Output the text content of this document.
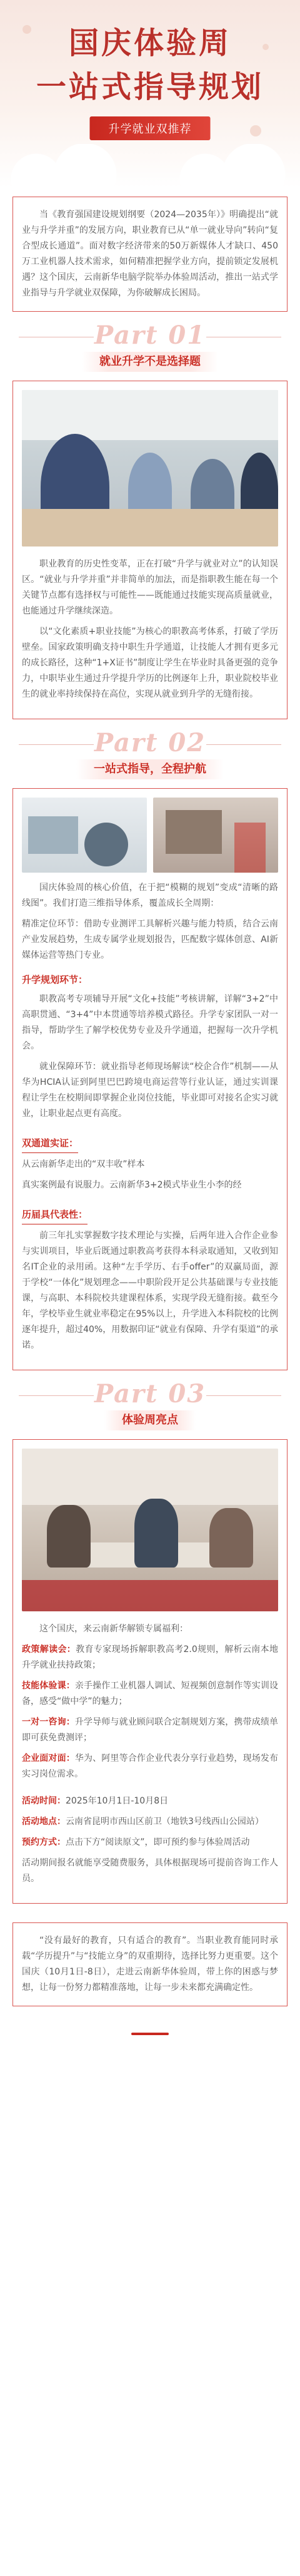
国庆体验周
一站式指导规划
升学就业双推荐

当《教育强国建设规划纲要（2024—2035年）》明确提出“就业与升学并重”的发展方向，职业教育已从“单一就业导向”转向“复合型成长通道”。面对数字经济带来的50万新媒体人才缺口、450万工业机器人技术需求，如何精准把握学业方向，提前锁定发展机遇？这个国庆，云南新华电脑学院举办体验周活动，推出一站式学业指导与升学就业双保障，为你破解成长困局。

Part 01
就业升学不是选择题

职业教育的历史性变革，正在打破“升学与就业对立”的认知误区。“就业与升学并重”并非简单的加法，而是指职教生能在每一个关键节点都有选择权与可能性——既能通过技能实现高质量就业，也能通过升学继续深造。

以“文化素质+职业技能”为核心的职教高考体系，打破了学历壁垒。国家政策明确支持中职生升学通道，让技能人才拥有更多元的成长路径，这种“1+X证书”制度让学生在毕业时具备更强的竞争力，中职毕业生通过升学提升学历的比例逐年上升，职业院校毕业生的就业率持续保持在高位，实现从就业到升学的无缝衔接。

Part 02
一站式指导，全程护航

国庆体验周的核心价值，在于把“模糊的规划”变成“清晰的路线图”。我们打造三维指导体系，覆盖成长全周期：

精准定位环节：借助专业测评工具解析兴趣与能力特质，结合云南产业发展趋势，生成专属学业规划报告，匹配数字媒体创意、AI新媒体运营等热门专业。

升学规划环节：

职教高考专项辅导开展“文化+技能”考核讲解，详解“3+2”中高职贯通、“3+4”中本贯通等培养模式路径。升学专家团队一对一指导，帮助学生了解学校优势专业及升学通道，把握每一次升学机会。

就业保障环节：就业指导老师现场解读“校企合作”机制——从华为HCIA认证到阿里巴巴跨境电商运营等行业认证，通过实训课程让学生在校期间即掌握企业岗位技能，毕业即可对接名企实习就业，让职业起点更有高度。

双通道实证：

从云南新华走出的“双丰收”样本

真实案例最有说服力。云南新华3+2模式毕业生小李的经

历届具代表性：

前三年扎实掌握数字技术理论与实操，后两年进入合作企业参与实训项目，毕业后既通过职教高考获得本科录取通知，又收到知名IT企业的录用函。这种“左手学历、右手offer”的双赢局面，源于学校“一体化”规划理念——中职阶段开足公共基础课与专业技能课，与高职、本科院校共建课程体系，实现学段无缝衔接。截至今年，学校毕业生就业率稳定在95%以上，升学进入本科院校的比例逐年提升，超过40%，用数据印证“就业有保障、升学有渠道”的承诺。

Part 03
体验周亮点

这个国庆，来云南新华解锁专属福利：

政策解读会：教育专家现场拆解职教高考2.0规则，解析云南本地升学就业扶持政策；

技能体验课：亲手操作工业机器人调试、短视频创意制作等实训设备，感受“做中学”的魅力；

一对一咨询：升学导师与就业顾问联合定制规划方案，携带成绩单即可获免费测评；

企业面对面：华为、阿里等合作企业代表分享行业趋势，现场发布实习岗位需求。

活动时间：2025年10月1日-10月8日

活动地点：云南省昆明市西山区前卫（地铁3号线西山公园站）

预约方式：点击下方“阅读原文”，即可预约参与体验周活动

活动期间报名就能享受随费服务，具体根据现场可提前咨询工作人员。

“没有最好的教育，只有适合的教育”。当职业教育能同时承载“学历提升”与“技能立身”的双重期待，选择比努力更重要。这个国庆（10月1日-8日），走进云南新华体验周，带上你的困惑与梦想，让每一份努力都精准落地，让每一步未来都充满确定性。
